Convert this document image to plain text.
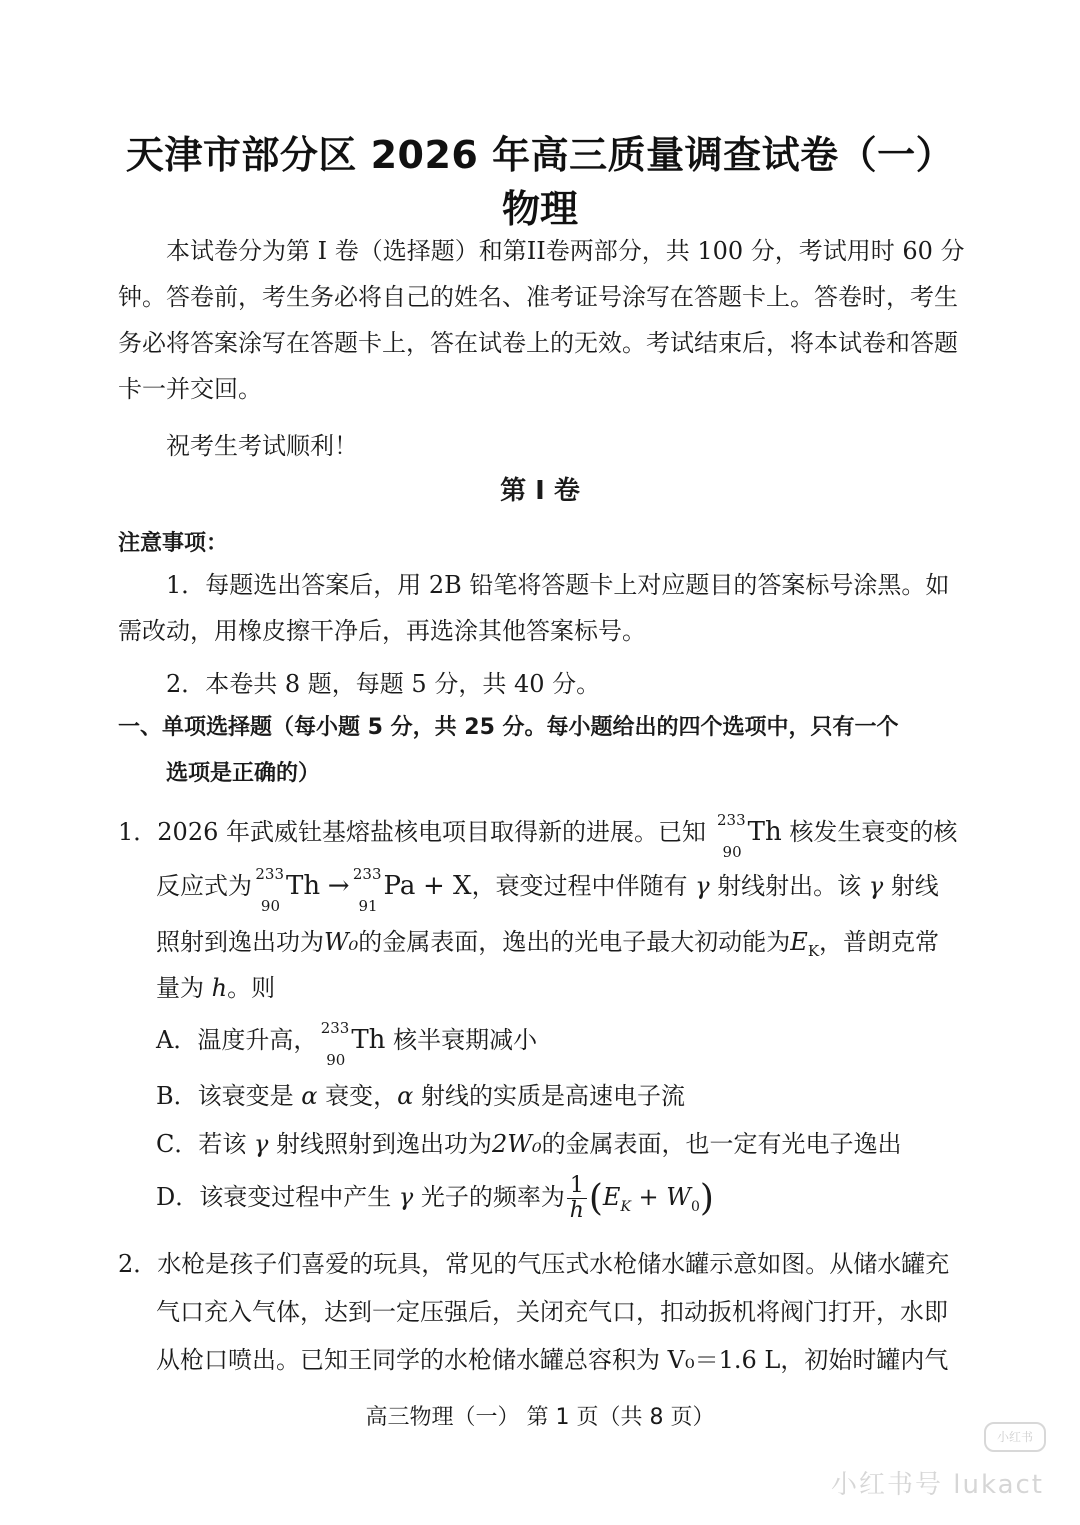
天津市部分区 2026 年高三质量调查试卷（一）
物理
本试卷分为第 I 卷（选择题）和第II卷两部分，共 100 分，考试用时 60 分钟。答卷前，考生务必将自己的姓名、准考证号涂写在答题卡上。答卷时，考生务必将答案涂写在答题卡上，答在试卷上的无效。考试结束后，将本试卷和答题卡一并交回。
祝考生考试顺利！
第 I 卷
注意事项：
1．每题选出答案后，用 2B 铅笔将答题卡上对应题目的答案标号涂黑。如需改动，用橡皮擦干净后，再选涂其他答案标号。
2．本卷共 8 题，每题 5 分，共 40 分。
一、单项选择题（每小题 5 分，共 25 分。每小题给出的四个选项中，只有一个
选项是正确的）
1．2026 年武威钍基熔盐核电项目取得新的进展。已知 233
90
Th 核发生衰变的核
反应式为 233
90
Th → 233
91
Pa + X，衰变过程中伴随有 γ 射线射出。该 γ 射线
照射到逸出功为W₀的金属表面，逸出的光电子最大初动能为$E_K$，普朗克常
量为 h。则
A．温度升高， 233
90
Th 核半衰期减小
B．该衰变是 α 衰变，α 射线的实质是高速电子流
C．若该 γ 射线照射到逸出功为2W₀的金属表面，也一定有光电子逸出
D．该衰变过程中产生 γ 光子的频率为 $\frac{1}{h} (E_K + W_0)$
2．水枪是孩子们喜爱的玩具，常见的气压式水枪储水罐示意如图。从储水罐充
气口充入气体，达到一定压强后，关闭充气口，扣动扳机将阀门打开，水即
从枪口喷出。已知王同学的水枪储水罐总容积为 V₀＝1.6 L，初始时罐内气
高三物理（一） 第 1 页（共 8 页）
小红书
小红书号 lukact
